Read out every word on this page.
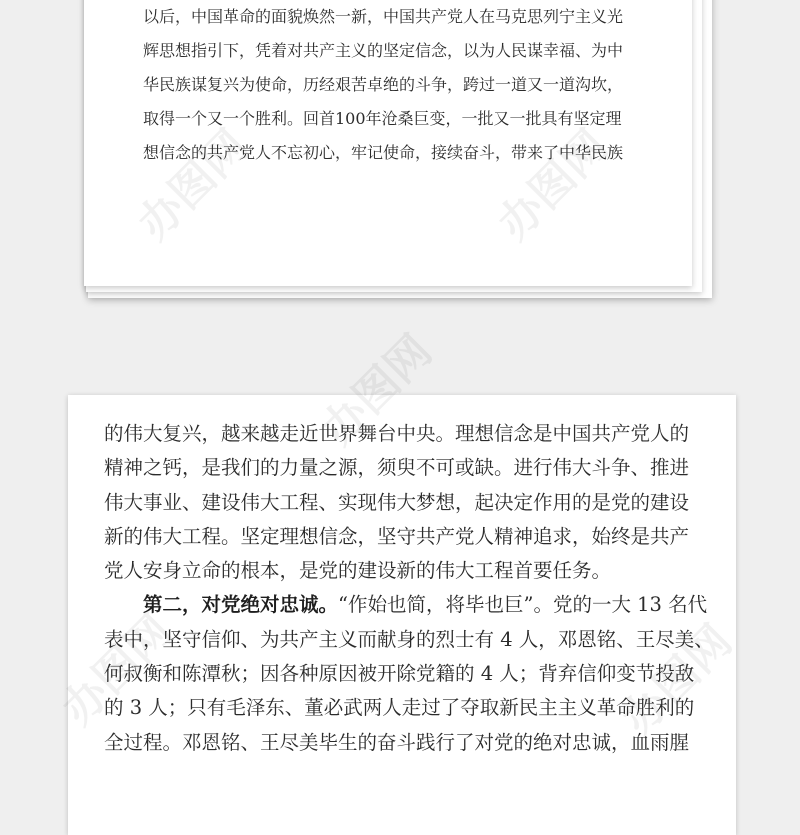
以后，中国革命的面貌焕然一新，中国共产党人在马克思列宁主义光
辉思想指引下，凭着对共产主义的坚定信念，以为人民谋幸福、为中
华民族谋复兴为使命，历经艰苦卓绝的斗争，跨过一道又一道沟坎，
取得一个又一个胜利。回首100年沧桑巨变，一批又一批具有坚定理
想信念的共产党人不忘初心，牢记使命，接续奋斗，带来了中华民族
办图网	办图网
的伟大复兴，越来越走近世界舞台中央。理想信念是中国共产党人的
精神之钙，是我们的力量之源，须臾不可或缺。进行伟大斗争、推进
伟大事业、建设伟大工程、实现伟大梦想，起决定作用的是党的建设
新的伟大工程。坚定理想信念，坚守共产党人精神追求，始终是共产
党人安身立命的根本，是党的建设新的伟大工程首要任务。
第二，对党绝对忠诚。“作始也简，将毕也巨”。党的一大 13 名代
表中，坚守信仰、为共产主义而献身的烈士有 4 人，邓恩铭、王尽美、
何叔衡和陈潭秋；因各种原因被开除党籍的 4 人；背弃信仰变节投敌
的 3 人；只有毛泽东、董必武两人走过了夺取新民主主义革命胜利的
全过程。邓恩铭、王尽美毕生的奋斗践行了对党的绝对忠诚，血雨腥
办图网
办图网	办图网
